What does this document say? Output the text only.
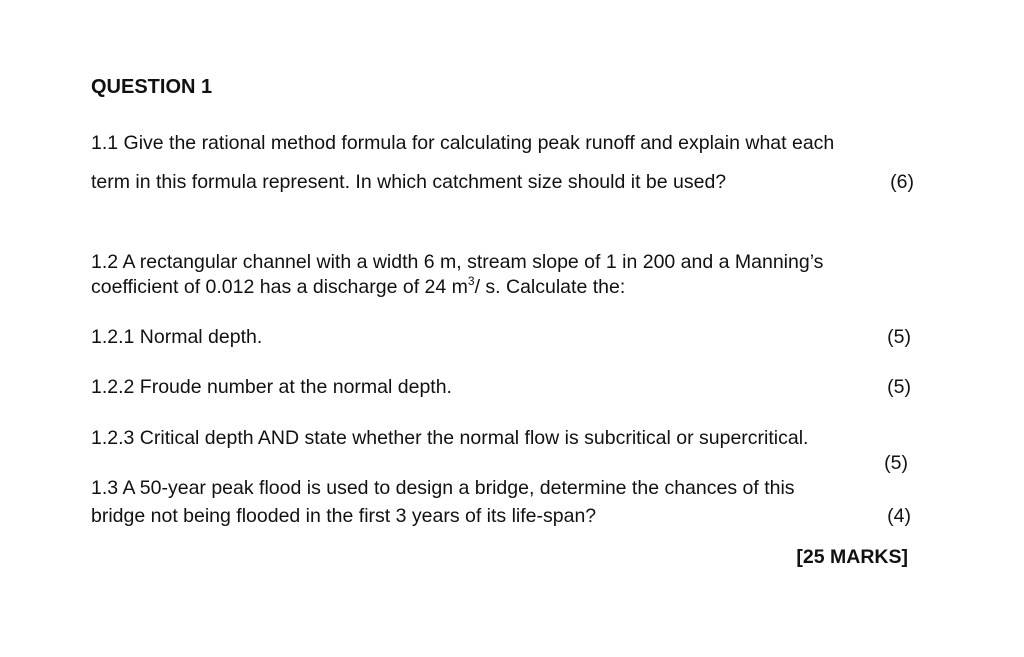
QUESTION 1
1.1 Give the rational method formula for calculating peak runoff and explain what each
term in this formula represent. In which catchment size should it be used?	(6)
1.2 A rectangular channel with a width 6 m, stream slope of 1 in 200 and a Manning’s
coefficient of 0.012 has a discharge of 24 $m^3/$ s. Calculate the:
1.2.1 Normal depth.	(5)
1.2.2 Froude number at the normal depth.	(5)
1.2.3 Critical depth AND state whether the normal flow is subcritical or supercritical.
(5)
1.3 A 50-year peak flood is used to design a bridge, determine the chances of this
bridge not being flooded in the first 3 years of its life-span?	(4)
[25 MARKS]
